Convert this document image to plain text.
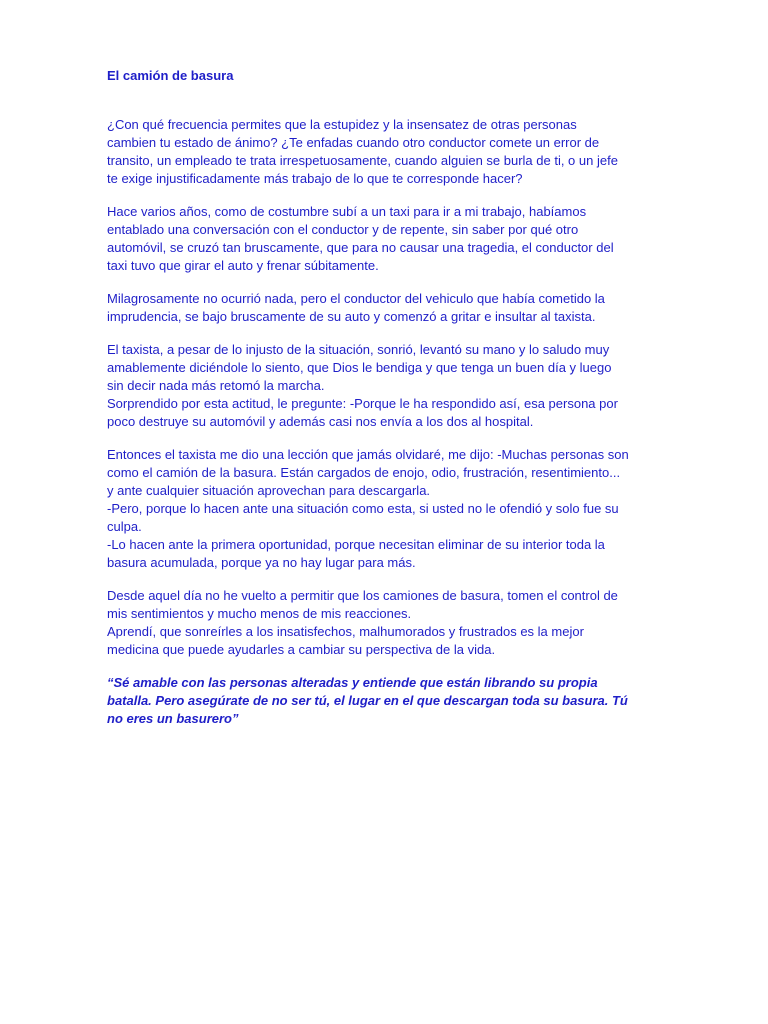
El camión de basura
¿Con qué frecuencia permites que la estupidez y la insensatez de otras personas
cambien tu estado de ánimo? ¿Te enfadas cuando otro conductor comete un error de
transito, un empleado te trata irrespetuosamente, cuando alguien se burla de ti, o un jefe
te exige injustificadamente más trabajo de lo que te corresponde hacer?
Hace varios años, como de costumbre subí a un taxi para ir a mi trabajo, habíamos
entablado una conversación con el conductor y de repente, sin saber por qué otro
automóvil, se cruzó tan bruscamente, que para no causar una tragedia, el conductor del
taxi tuvo que girar el auto y frenar súbitamente.
Milagrosamente no ocurrió nada, pero el conductor del vehiculo que había cometido la
imprudencia, se bajo bruscamente de su auto y comenzó a gritar e insultar al taxista.
El taxista, a pesar de lo injusto de la situación, sonrió, levantó su mano y lo saludo muy
amablemente diciéndole lo siento, que Dios le bendiga y que tenga un buen día y luego
sin decir nada más retomó la marcha.
Sorprendido por esta actitud, le pregunte: -Porque le ha respondido así, esa persona por
poco destruye su automóvil y además casi nos envía a los dos al hospital.
Entonces el taxista me dio una lección que jamás olvidaré, me dijo: -Muchas personas son
como el camión de la basura. Están cargados de enojo, odio, frustración, resentimiento...
y ante cualquier situación aprovechan para descargarla.
-Pero, porque lo hacen ante una situación como esta, si usted no le ofendió y solo fue su
culpa.
-Lo hacen ante la primera oportunidad, porque necesitan eliminar de su interior toda la
basura acumulada, porque ya no hay lugar para más.
Desde aquel día no he vuelto a permitir que los camiones de basura, tomen el control de
mis sentimientos y mucho menos de mis reacciones.
Aprendí, que sonreírles a los insatisfechos, malhumorados y frustrados es la mejor
medicina que puede ayudarles a cambiar su perspectiva de la vida.
“Sé amable con las personas alteradas y entiende que están librando su propia
batalla. Pero asegúrate de no ser tú, el lugar en el que descargan toda su basura. Tú
no eres un basurero”
